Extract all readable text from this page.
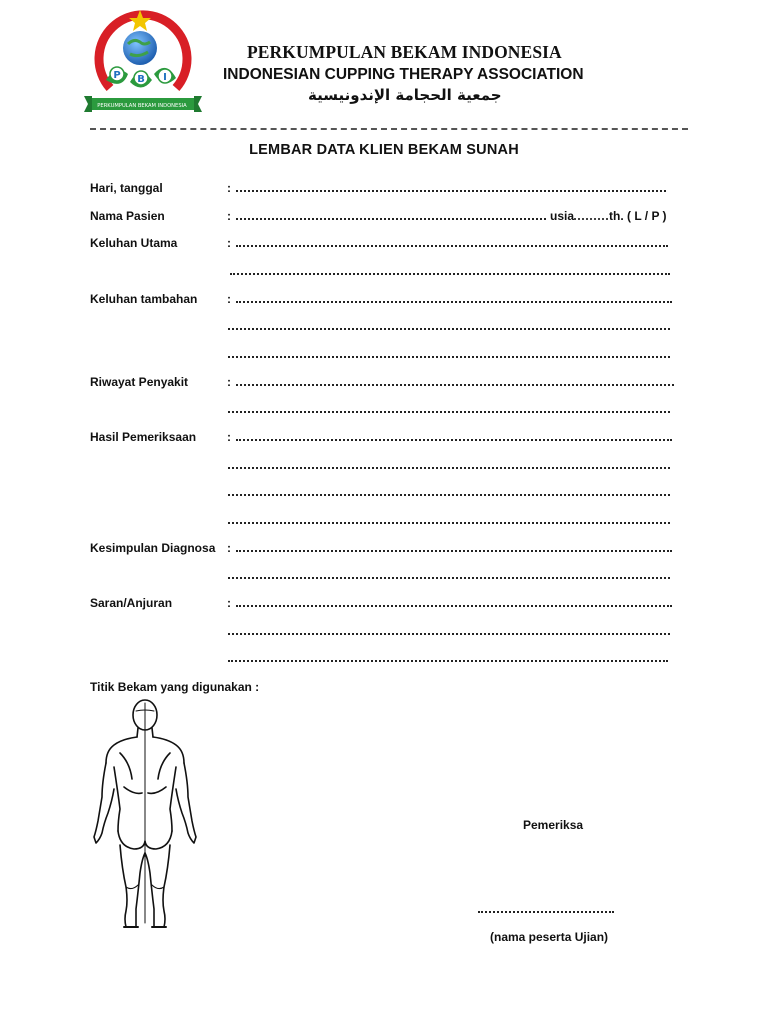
P B I
PERKUMPULAN BEKAM INDONESIA
PERKUMPULAN BEKAM INDONESIA
INDONESIAN CUPPING THERAPY ASSOCIATION
جمعية الحجامة الإندونيسية
LEMBAR DATA KLIEN BEKAM SUNAH
Hari, tanggal	:
Nama Pasien	:	usia	th. ( L / P )
Keluhan Utama	:
Keluhan tambahan :
Riwayat Penyakit	:
Hasil Pemeriksaan	:
Kesimpulan Diagnosa :
Saran/Anjuran	:
Titik Bekam yang digunakan :
Pemeriksa
(nama peserta Ujian)
